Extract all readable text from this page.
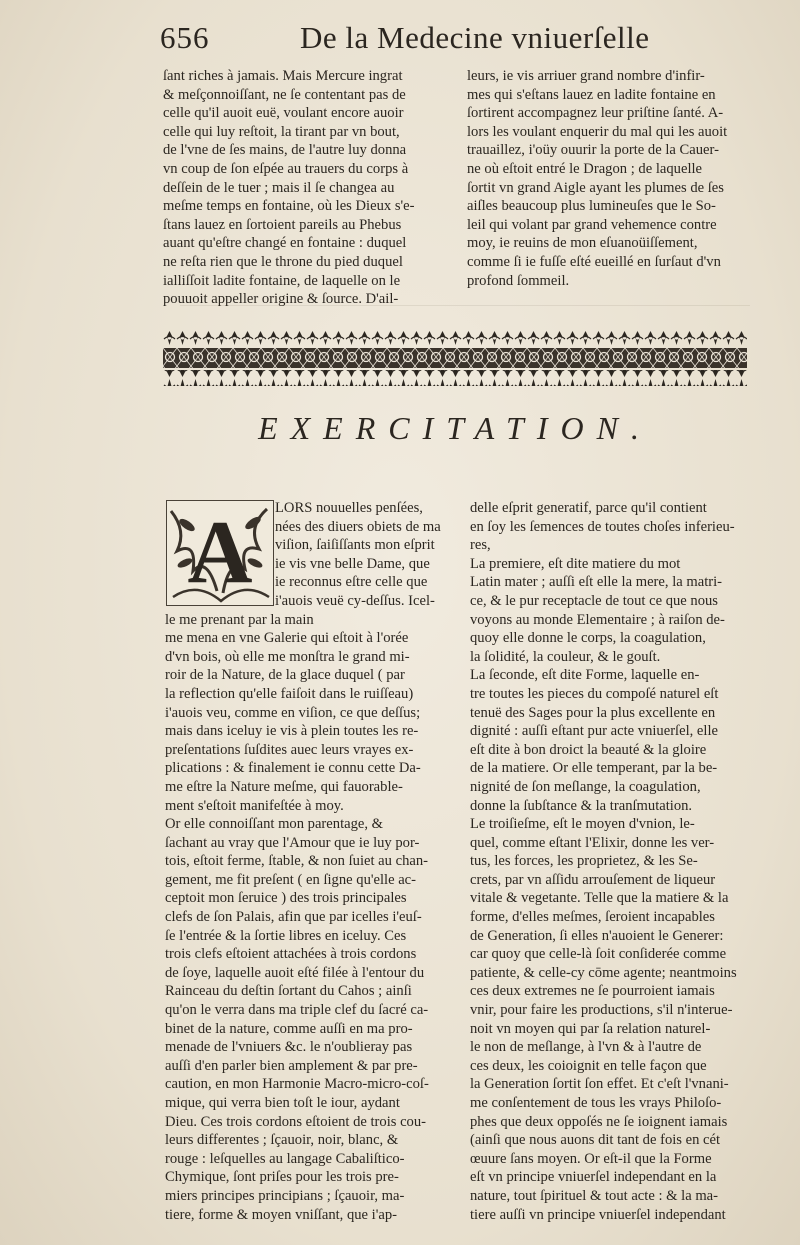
656	De la Medecine vniuerſelle
ſant riches à jamais. Mais Mercure ingrat
& meſçonnoiſſant, ne ſe contentant pas de
celle qu'il auoit euë, voulant encore auoir
celle qui luy reſtoit, la tirant par vn bout,
de l'vne de ſes mains, de l'autre luy donna
vn coup de ſon eſpée au trauers du corps à
deſſein de le tuer ; mais il ſe changea au
meſme temps en fontaine, où les Dieux s'e-
ſtans lauez en ſortoient pareils au Phebus
auant qu'eſtre changé en fontaine : duquel
ne reſta rien que le throne du pied duquel
ialliſſoit ladite fontaine, de laquelle on le
pouuoit appeller origine & ſource. D'ail-
leurs, ie vis arriuer grand nombre d'infir-
mes qui s'eſtans lauez en ladite fontaine en
ſortirent accompagnez leur priſtine ſanté. A-
lors les voulant enquerir du mal qui les auoit
trauaillez, i'oüy ouurir la porte de la Cauer-
ne où eſtoit entré le Dragon ; de laquelle
ſortit vn grand Aigle ayant les plumes de ſes
aiſles beaucoup plus lumineuſes que le So-
leil qui volant par grand vehemence contre
moy, ie reuins de mon eſuanoüiſſement,
comme ſi ie fuſſe eſté eueillé en ſurſaut d'vn
profond ſommeil.
EXERCITATION.
A	LORS nouuelles penſées,
nées des diuers obiets de ma
viſion, ſaiſiſſants mon eſprit
ie vis vne belle Dame, que
ie reconnus eſtre celle que
i'auois veuë cy-deſſus. Icel-
le me prenant par la main
me mena en vne Galerie qui eſtoit à l'orée
d'vn bois, où elle me monſtra le grand mi-
roir de la Nature, de la glace duquel ( par
la reflection qu'elle faiſoit dans le ruiſſeau)
i'auois veu, comme en viſion, ce que deſſus;
mais dans iceluy ie vis à plein toutes les re-
preſentations ſuſdites auec leurs vrayes ex-
plications : & finalement ie connu cette Da-
me eſtre la Nature meſme, qui fauorable-
ment s'eſtoit manifeſtée à moy.
Or elle connoiſſant mon parentage, &
ſachant au vray que l'Amour que ie luy por-
tois, eſtoit ferme, ſtable, & non ſuiet au chan-
gement, me fit preſent ( en ſigne qu'elle ac-
ceptoit mon ſeruice ) des trois principales
clefs de ſon Palais, afin que par icelles i'euſ-
ſe l'entrée & la ſortie libres en iceluy. Ces
trois clefs eſtoient attachées à trois cordons
de ſoye, laquelle auoit eſté filée à l'entour du
Rainceau du deſtin ſortant du Cahos ; ainſi
qu'on le verra dans ma triple clef du ſacré ca-
binet de la nature, comme auſſi en ma pro-
menade de l'vniuers &c. le n'oublieray pas
auſſi d'en parler bien amplement & par pre-
caution, en mon Harmonie Macro-micro-coſ-
mique, qui verra bien toſt le iour, aydant
Dieu. Ces trois cordons eſtoient de trois cou-
leurs differentes ; ſçauoir, noir, blanc, &
rouge : leſquelles au langage Cabaliſtico-
Chymique, ſont priſes pour les trois pre-
miers principes principians ; ſçauoir, ma-
tiere, forme & moyen vniſſant, que i'ap-
delle eſprit generatif, parce qu'il contient
en ſoy les ſemences de toutes choſes inferieu-
res,
La premiere, eſt dite matiere du mot
Latin mater ; auſſi eſt elle la mere, la matri-
ce, & le pur receptacle de tout ce que nous
voyons au monde Elementaire ; à raiſon de-
quoy elle donne le corps, la coagulation,
la ſolidité, la couleur, & le gouſt.
La ſeconde, eſt dite Forme, laquelle en-
tre toutes les pieces du compoſé naturel eſt
tenuë des Sages pour la plus excellente en
dignité : auſſi eſtant pur acte vniuerſel, elle
eſt dite à bon droict la beauté & la gloire
de la matiere. Or elle temperant, par la be-
nignité de ſon meſlange, la coagulation,
donne la ſubſtance & la tranſmutation.
Le troiſieſme, eſt le moyen d'vnion, le-
quel, comme eſtant l'Elixir, donne les ver-
tus, les forces, les proprietez, & les Se-
crets, par vn aſſidu arrouſement de liqueur
vitale & vegetante. Telle que la matiere & la
forme, d'elles meſmes, ſeroient incapables
de Generation, ſi elles n'auoient le Generer:
car quoy que celle-là ſoit conſiderée comme
patiente, & celle-cy cōme agente; neantmoins
ces deux extremes ne ſe pourroient iamais
vnir, pour faire les productions, s'il n'interue-
noit vn moyen qui par ſa relation naturel-
le non de meſlange, à l'vn & à l'autre de
ces deux, les coioignit en telle façon que
la Generation ſortit ſon effet. Et c'eſt l'vnani-
me conſentement de tous les vrays Philoſo-
phes que deux oppoſés ne ſe ioignent iamais
(ainſi que nous auons dit tant de fois en cét
œuure ſans moyen. Or eſt-il que la Forme
eſt vn principe vniuerſel independant en la
nature, tout ſpirituel & tout acte : & la ma-
tiere auſſi vn principe vniuerſel independant
